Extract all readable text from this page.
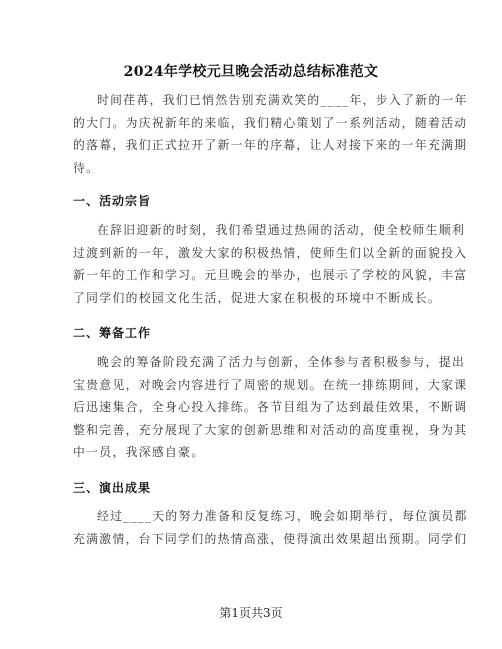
2024年学校元旦晚会活动总结标准范文

时间荏苒，我们已悄然告别充满欢笑的____年，步入了新的一年
的大门。为庆祝新年的来临，我们精心策划了一系列活动，随着活动
的落幕，我们正式拉开了新一年的序幕，让人对接下来的一年充满期
待。

一、活动宗旨

在辞旧迎新的时刻，我们希望通过热闹的活动，使全校师生顺利
过渡到新的一年，激发大家的积极热情，使师生们以全新的面貌投入
新一年的工作和学习。元旦晚会的举办，也展示了学校的风貌，丰富
了同学们的校园文化生活，促进大家在积极的环境中不断成长。

二、筹备工作

晚会的筹备阶段充满了活力与创新，全体参与者积极参与，提出
宝贵意见，对晚会内容进行了周密的规划。在统一排练期间，大家课
后迅速集合，全身心投入排练。各节目组为了达到最佳效果，不断调
整和完善，充分展现了大家的创新思维和对活动的高度重视，身为其
中一员，我深感自豪。

三、演出成果

经过____天的努力准备和反复练习，晚会如期举行，每位演员都
充满激情，台下同学们的热情高涨，使得演出效果超出预期。同学们

第1页共3页
